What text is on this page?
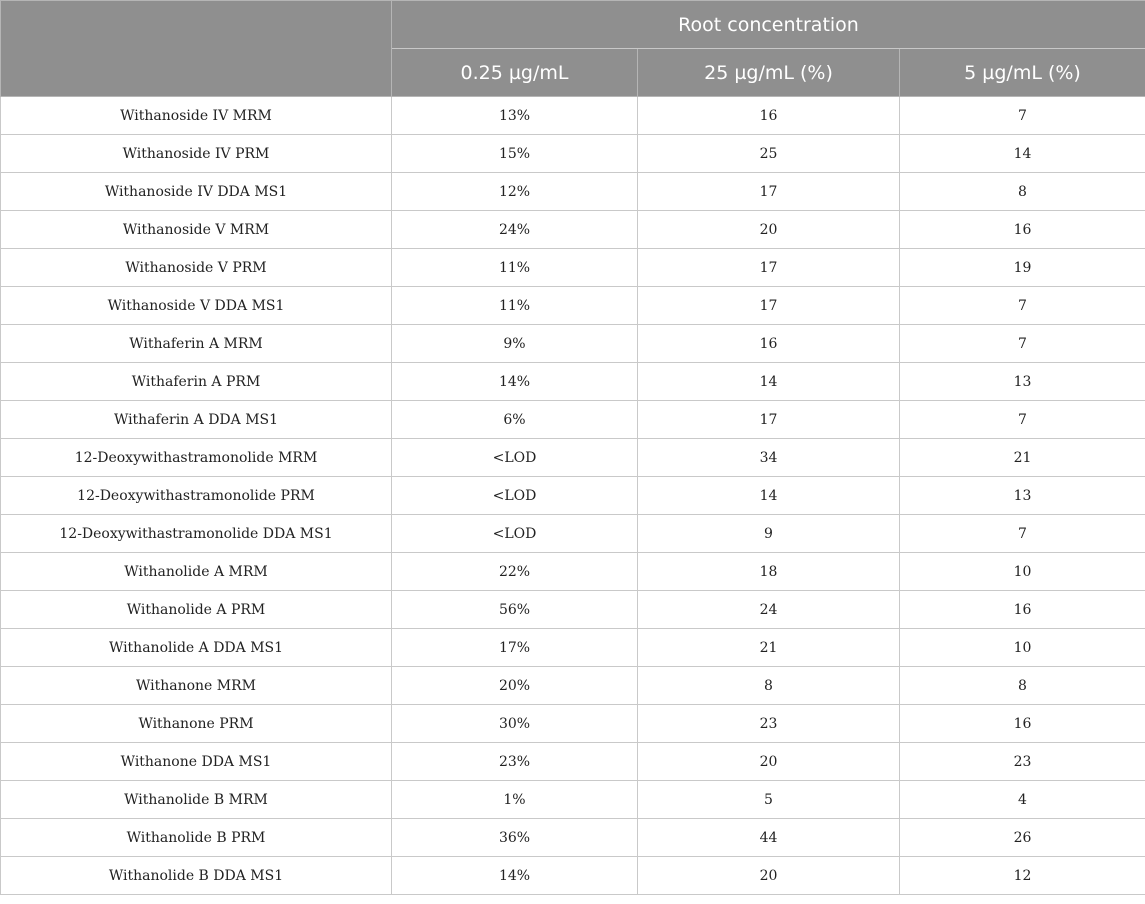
	Root concentration		
	0.25 µg/mL	25 µg/mL (%)	5 µg/mL (%)
Withanoside IV MRM	13%	16	7
Withanoside IV PRM	15%	25	14
Withanoside IV DDA MS1	12%	17	8
Withanoside V MRM	24%	20	16
Withanoside V PRM	11%	17	19
Withanoside V DDA MS1	11%	17	7
Withaferin A MRM	9%	16	7
Withaferin A PRM	14%	14	13
Withaferin A DDA MS1	6%	17	7
12-Deoxywithastramonolide MRM	<LOD	34	21
12-Deoxywithastramonolide PRM	<LOD	14	13
12-Deoxywithastramonolide DDA MS1	<LOD	9	7
Withanolide A MRM	22%	18	10
Withanolide A PRM	56%	24	16
Withanolide A DDA MS1	17%	21	10
Withanone MRM	20%	8	8
Withanone PRM	30%	23	16
Withanone DDA MS1	23%	20	23
Withanolide B MRM	1%	5	4
Withanolide B PRM	36%	44	26
Withanolide B DDA MS1	14%	20	12
